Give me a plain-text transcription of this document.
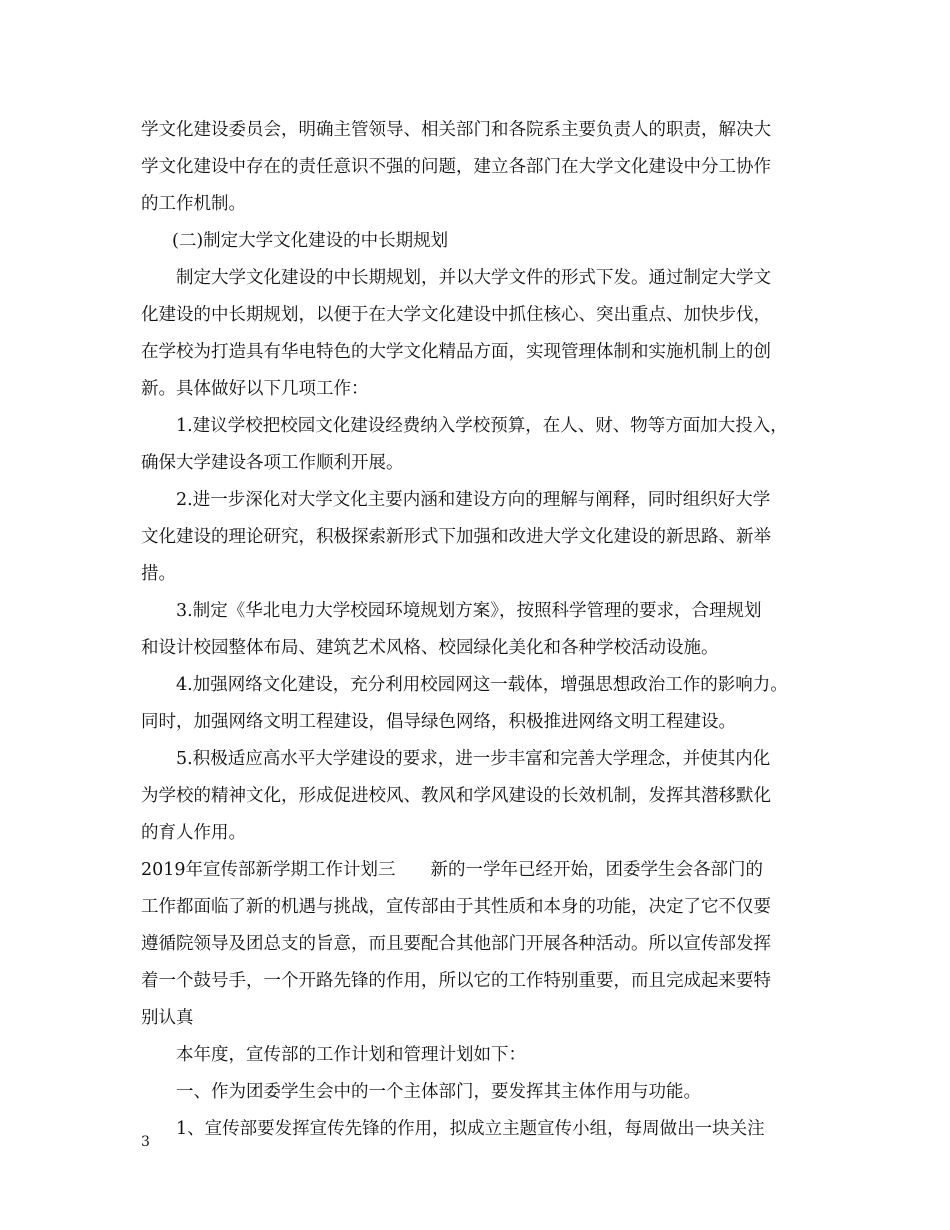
学文化建设委员会，明确主管领导、相关部门和各院系主要负责人的职责，解决大

学文化建设中存在的责任意识不强的问题，建立各部门在大学文化建设中分工协作

的工作机制。

(二)制定大学文化建设的中长期规划

制定大学文化建设的中长期规划，并以大学文件的形式下发。通过制定大学文

化建设的中长期规划，以便于在大学文化建设中抓住核心、突出重点、加快步伐，

在学校为打造具有华电特色的大学文化精品方面，实现管理体制和实施机制上的创

新。具体做好以下几项工作：

1.建议学校把校园文化建设经费纳入学校预算，在人、财、物等方面加大投入，

确保大学建设各项工作顺利开展。

2.进一步深化对大学文化主要内涵和建设方向的理解与阐释，同时组织好大学

文化建设的理论研究，积极探索新形式下加强和改进大学文化建设的新思路、新举

措。

3.制定《华北电力大学校园环境规划方案》，按照科学管理的要求，合理规划

和设计校园整体布局、建筑艺术风格、校园绿化美化和各种学校活动设施。

4.加强网络文化建设，充分利用校园网这一载体，增强思想政治工作的影响力。

同时，加强网络文明工程建设，倡导绿色网络，积极推进网络文明工程建设。

5.积极适应高水平大学建设的要求，进一步丰富和完善大学理念，并使其内化

为学校的精神文化，形成促进校风、教风和学风建设的长效机制，发挥其潜移默化

的育人作用。

2019年宣传部新学期工作计划三　　新的一学年已经开始，团委学生会各部门的

工作都面临了新的机遇与挑战，宣传部由于其性质和本身的功能，决定了它不仅要

遵循院领导及团总支的旨意，而且要配合其他部门开展各种活动。所以宣传部发挥

着一个鼓号手，一个开路先锋的作用，所以它的工作特别重要，而且完成起来要特

别认真

本年度，宣传部的工作计划和管理计划如下：

一、作为团委学生会中的一个主体部门，要发挥其主体作用与功能。

1、宣传部要发挥宣传先锋的作用，拟成立主题宣传小组，每周做出一块关注

3
